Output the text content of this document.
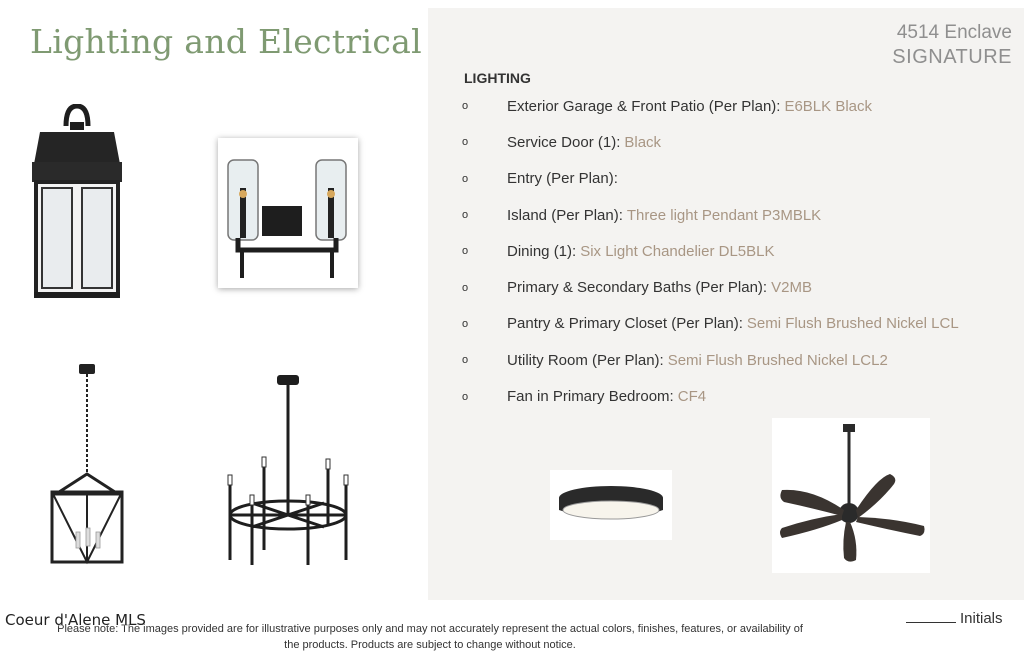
Lighting and Electrical	4514 Enclave
SIGNATURE
LIGHTING
o	Exterior Garage & Front Patio (Per Plan): E6BLK Black
o	Service Door (1): Black
o	Entry (Per Plan):
o	Island (Per Plan): Three light Pendant P3MBLK
o	Dining (1): Six Light Chandelier DL5BLK
o	Primary & Secondary Baths (Per Plan): V2MB
o	Pantry & Primary Closet (Per Plan): Semi Flush Brushed Nickel LCL
o	Utility Room (Per Plan): Semi Flush Brushed Nickel LCL2
o	Fan in Primary Bedroom: CF4
Please note: The images provided are for illustrative purposes only and may not accurately represent the actual colors, finishes, features, or availability of
the products. Products are subject to change without notice.
Coeur d'Alene MLS	Initials
